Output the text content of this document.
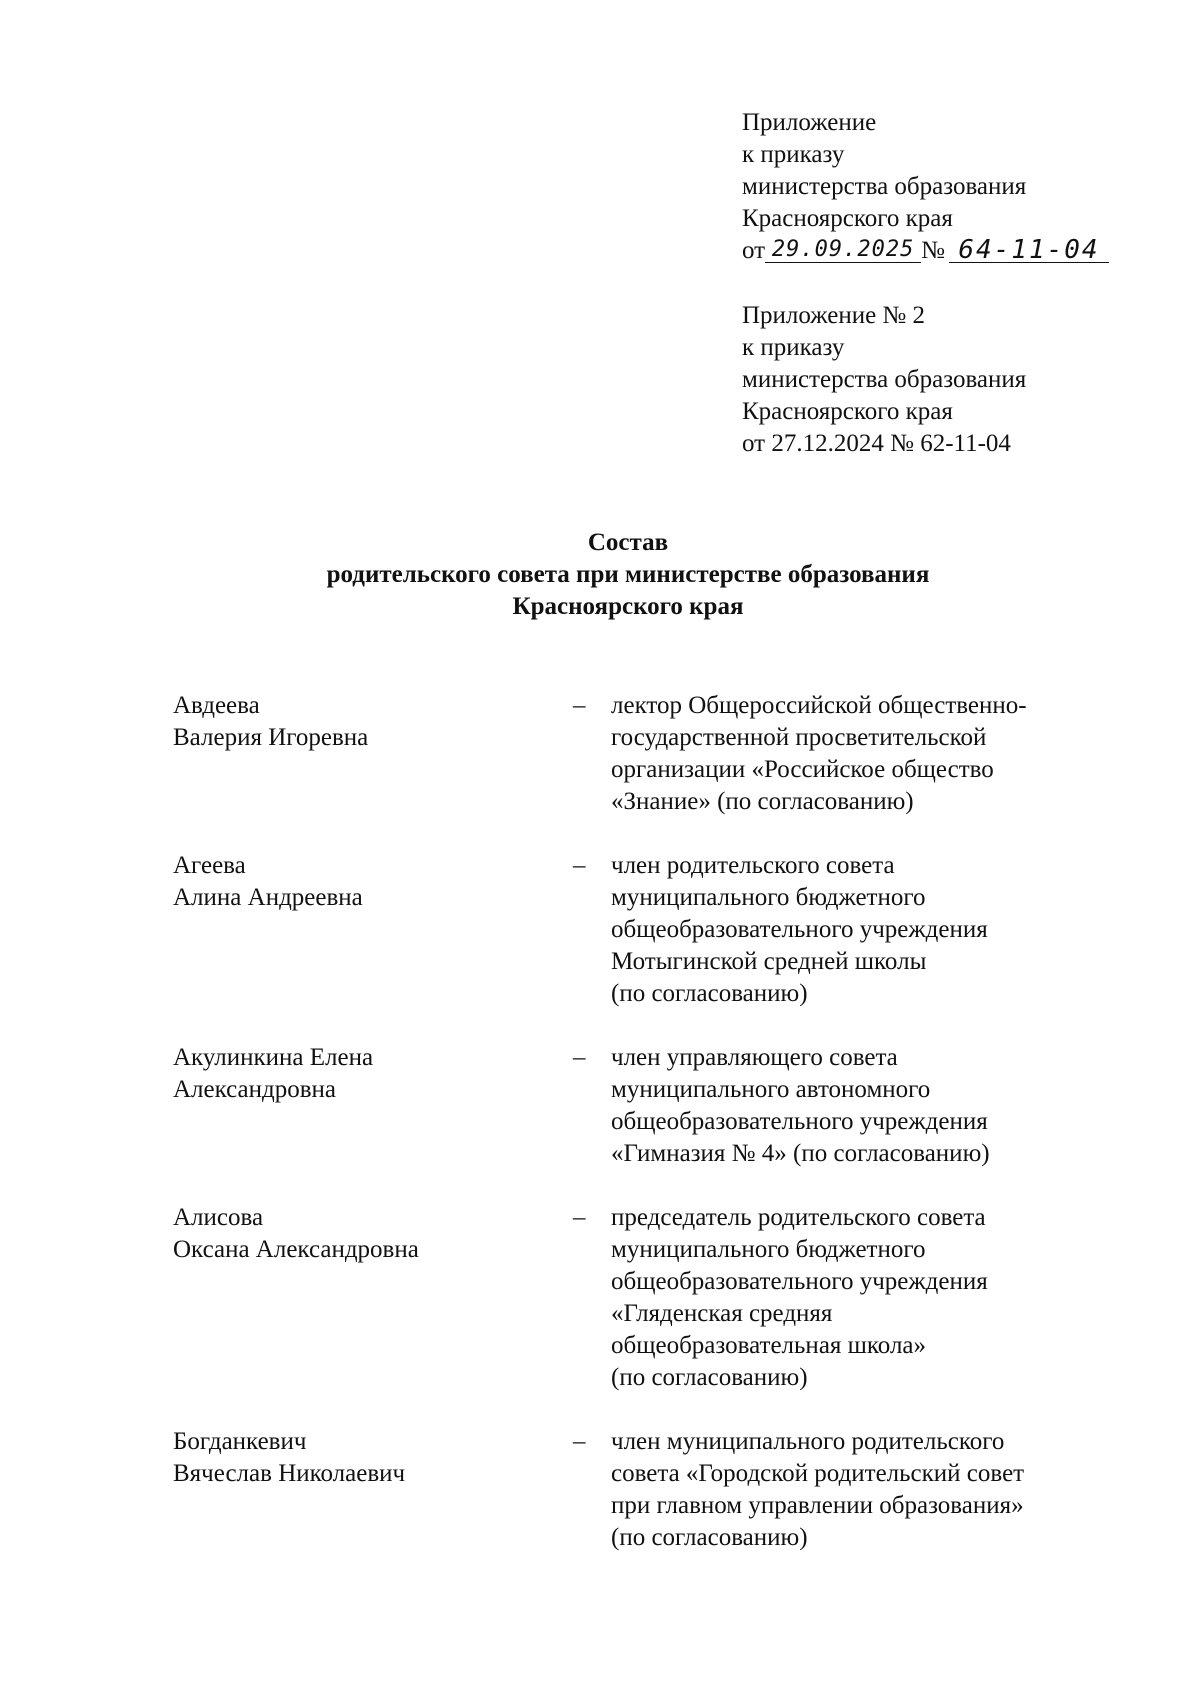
Приложение
к приказу
министерства образования
Красноярского края
от 29.09.2025 № 64-11-04
Приложение № 2
к приказу
министерства образования
Красноярского края
от 27.12.2024 № 62-11-04
Состав
родительского совета при министерстве образования
Красноярского края
Авдеева
Валерия Игоревна
–	лектор Общероссийской общественно-
государственной просветительской
организации «Российское общество
«Знание» (по согласованию)
Агеева
Алина Андреевна
–	член родительского совета
муниципального бюджетного
общеобразовательного учреждения
Мотыгинской средней школы
(по согласованию)
Акулинкина Елена
Александровна
–	член управляющего совета
муниципального автономного
общеобразовательного учреждения
«Гимназия № 4» (по согласованию)
Алисова
Оксана Александровна
–	председатель родительского совета
муниципального бюджетного
общеобразовательного учреждения
«Гляденская средняя
общеобразовательная школа»
(по согласованию)
Богданкевич
Вячеслав Николаевич
–	член муниципального родительского
совета «Городской родительский совет
при главном управлении образования»
(по согласованию)
